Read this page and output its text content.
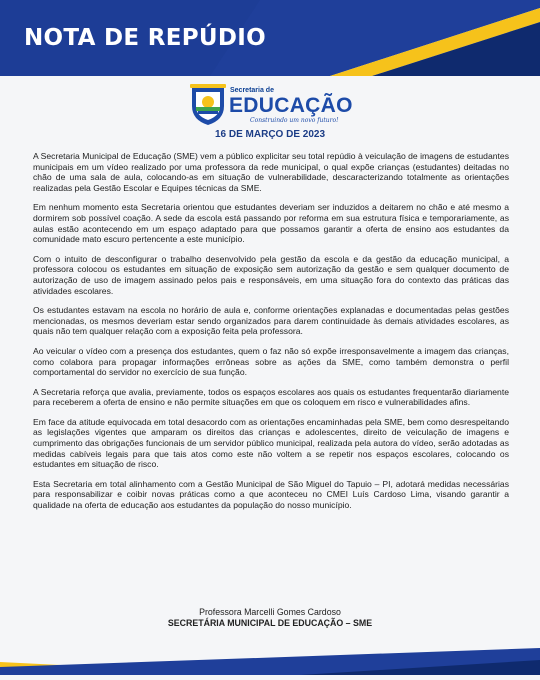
NOTA DE REPÚDIO
Secretaria de
EDUCAÇÃO
Construindo um novo futuro!
16 DE MARÇO DE 2023

A Secretaria Municipal de Educação (SME) vem a público explicitar seu total repúdio à veiculação de imagens de estudantes municipais em um vídeo realizado por uma professora da rede municipal, o qual expõe crianças (estudantes) deitadas no chão de uma sala de aula, colocando-as em situação de vulnerabilidade, descaracterizando totalmente as orientações realizadas pela Gestão Escolar e Equipes técnicas da SME.

Em nenhum momento esta Secretaria orientou que estudantes deveriam ser induzidos a deitarem no chão e até mesmo a dormirem sob possível coação. A sede da escola está passando por reforma em sua estrutura física e temporariamente, as aulas estão acontecendo em um espaço adaptado para que possamos garantir a oferta de ensino aos estudantes da comunidade mato escuro pertencente a este município.

Com o intuito de desconfigurar o trabalho desenvolvido pela gestão da escola e da gestão da educação municipal, a professora colocou os estudantes em situação de exposição sem autorização da gestão e sem qualquer documento de autorização de uso de imagem assinado pelos pais e responsáveis, em uma situação fora do contexto das práticas das atividades escolares.

Os estudantes estavam na escola no horário de aula e, conforme orientações explanadas e documentadas pelas gestões mencionadas, os mesmos deveriam estar sendo organizados para darem continuidade às demais atividades escolares, as quais não tem qualquer relação com a exposição feita pela professora.

Ao veicular o vídeo com a presença dos estudantes, quem o faz não só expõe irresponsavelmente a imagem das crianças, como colabora para propagar informações errôneas sobre as ações da SME, como também demonstra o perfil comportamental do servidor no exercício de sua função.

A Secretaria reforça que avalia, previamente, todos os espaços escolares aos quais os estudantes frequentarão diariamente para receberem a oferta de ensino e não permite situações em que os coloquem em risco e vulnerabilidades afins.

Em face da atitude equivocada em total desacordo com as orientações encaminhadas pela SME, bem como desrespeitando as legislações vigentes que amparam os direitos das crianças e adolescentes, direito de veiculação de imagens e cumprimento das obrigações funcionais de um servidor público municipal, realizada pela autora do vídeo, serão adotadas as medidas cabíveis legais para que tais atos como este não voltem a se repetir nos espaços escolares, colocando os estudantes em situação de risco.

Esta Secretaria em total alinhamento com a Gestão Municipal de São Miguel do Tapuio – PI, adotará medidas necessárias para responsabilizar e coibir novas práticas como a que aconteceu no CMEI Luís Cardoso Lima, visando garantir a qualidade na oferta de educação aos estudantes da população do nosso município.

Professora Marcelli Gomes Cardoso
SECRETÁRIA MUNICIPAL DE EDUCAÇÃO – SME
